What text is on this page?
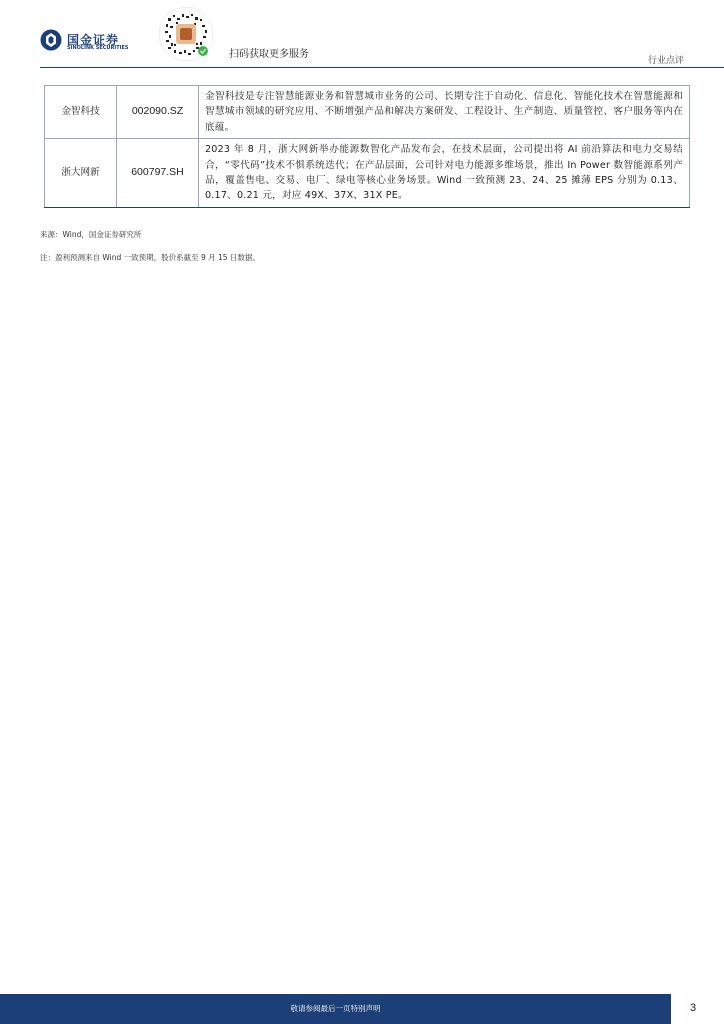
国金证券
SINOLINK SECURITIES
扫码获取更多服务
行业点评
金智科技	002090.SZ	金智科技是专注智慧能源业务和智慧城市业务的公司、长期专注于自动化、信息化、智能化技术在智慧能源和智慧城市领域的研究应用、不断增强产品和解决方案研发、工程设计、生产制造、质量管控、客户服务等内在底蕴。
浙大网新	600797.SH	2023 年 8 月，浙大网新举办能源数智化产品发布会，在技术层面，公司提出将 AI 前沿算法和电力交易结合，“零代码”技术不惧系统迭代；在产品层面，公司针对电力能源多维场景，推出 In Power 数智能源系列产品，覆盖售电、交易、电厂、绿电等核心业务场景。Wind 一致预测 23、24、25 摊薄 EPS 分别为 0.13、0.17、0.21 元，对应 49X、37X、31X PE。
来源：Wind，国金证券研究所
注：盈利预测来自 Wind 一致预期，股价系截至 9 月 15 日数据。
敬请参阅最后一页特别声明	3
